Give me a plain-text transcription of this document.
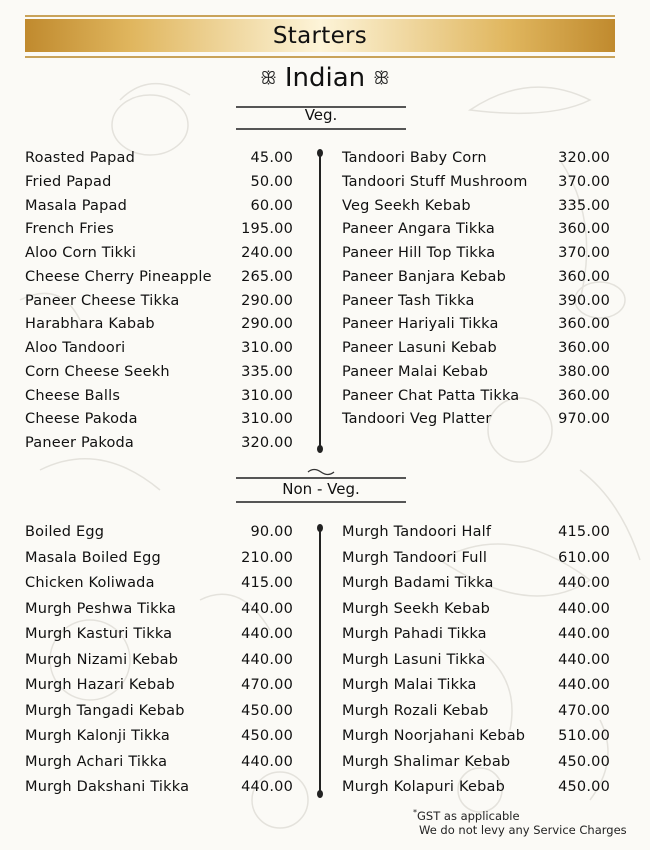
Starters
ꕥ Indian ꕥ
Veg.
Roasted Papad	45.00
Fried Papad	50.00
Masala Papad	60.00
French Fries	195.00
Aloo Corn Tikki	240.00
Cheese Cherry Pineapple 265.00
Paneer Cheese Tikka	290.00
Harabhara Kabab	290.00
Aloo Tandoori	310.00
Corn Cheese Seekh	335.00
Cheese Balls	310.00
Cheese Pakoda	310.00
Paneer Pakoda	320.00
Tandoori Baby Corn	320.00
Tandoori Stuff Mushroom 370.00
Veg Seekh Kebab	335.00
Paneer Angara Tikka	360.00
Paneer Hill Top Tikka	370.00
Paneer Banjara Kebab	360.00
Paneer Tash Tikka	390.00
Paneer Hariyali Tikka	360.00
Paneer Lasuni Kebab	360.00
Paneer Malai Kebab	380.00
Paneer Chat Patta Tikka	360.00
Tandoori Veg Platter	970.00
Non - Veg.
Boiled Egg	90.00
Masala Boiled Egg	210.00
Chicken Koliwada	415.00
Murgh Peshwa Tikka	440.00
Murgh Kasturi Tikka	440.00
Murgh Nizami Kebab	440.00
Murgh Hazari Kebab	470.00
Murgh Tangadi Kebab	450.00
Murgh Kalonji Tikka	450.00
Murgh Achari Tikka	440.00
Murgh Dakshani Tikka	440.00
Murgh Tandoori Half	415.00
Murgh Tandoori Full	610.00
Murgh Badami Tikka	440.00
Murgh Seekh Kebab	440.00
Murgh Pahadi Tikka	440.00
Murgh Lasuni Tikka	440.00
Murgh Malai Tikka	440.00
Murgh Rozali Kebab	470.00
Murgh Noorjahani Kebab 510.00
Murgh Shalimar Kebab	450.00
Murgh Kolapuri Kebab	450.00
*GST as applicable
We do not levy any Service Charges
